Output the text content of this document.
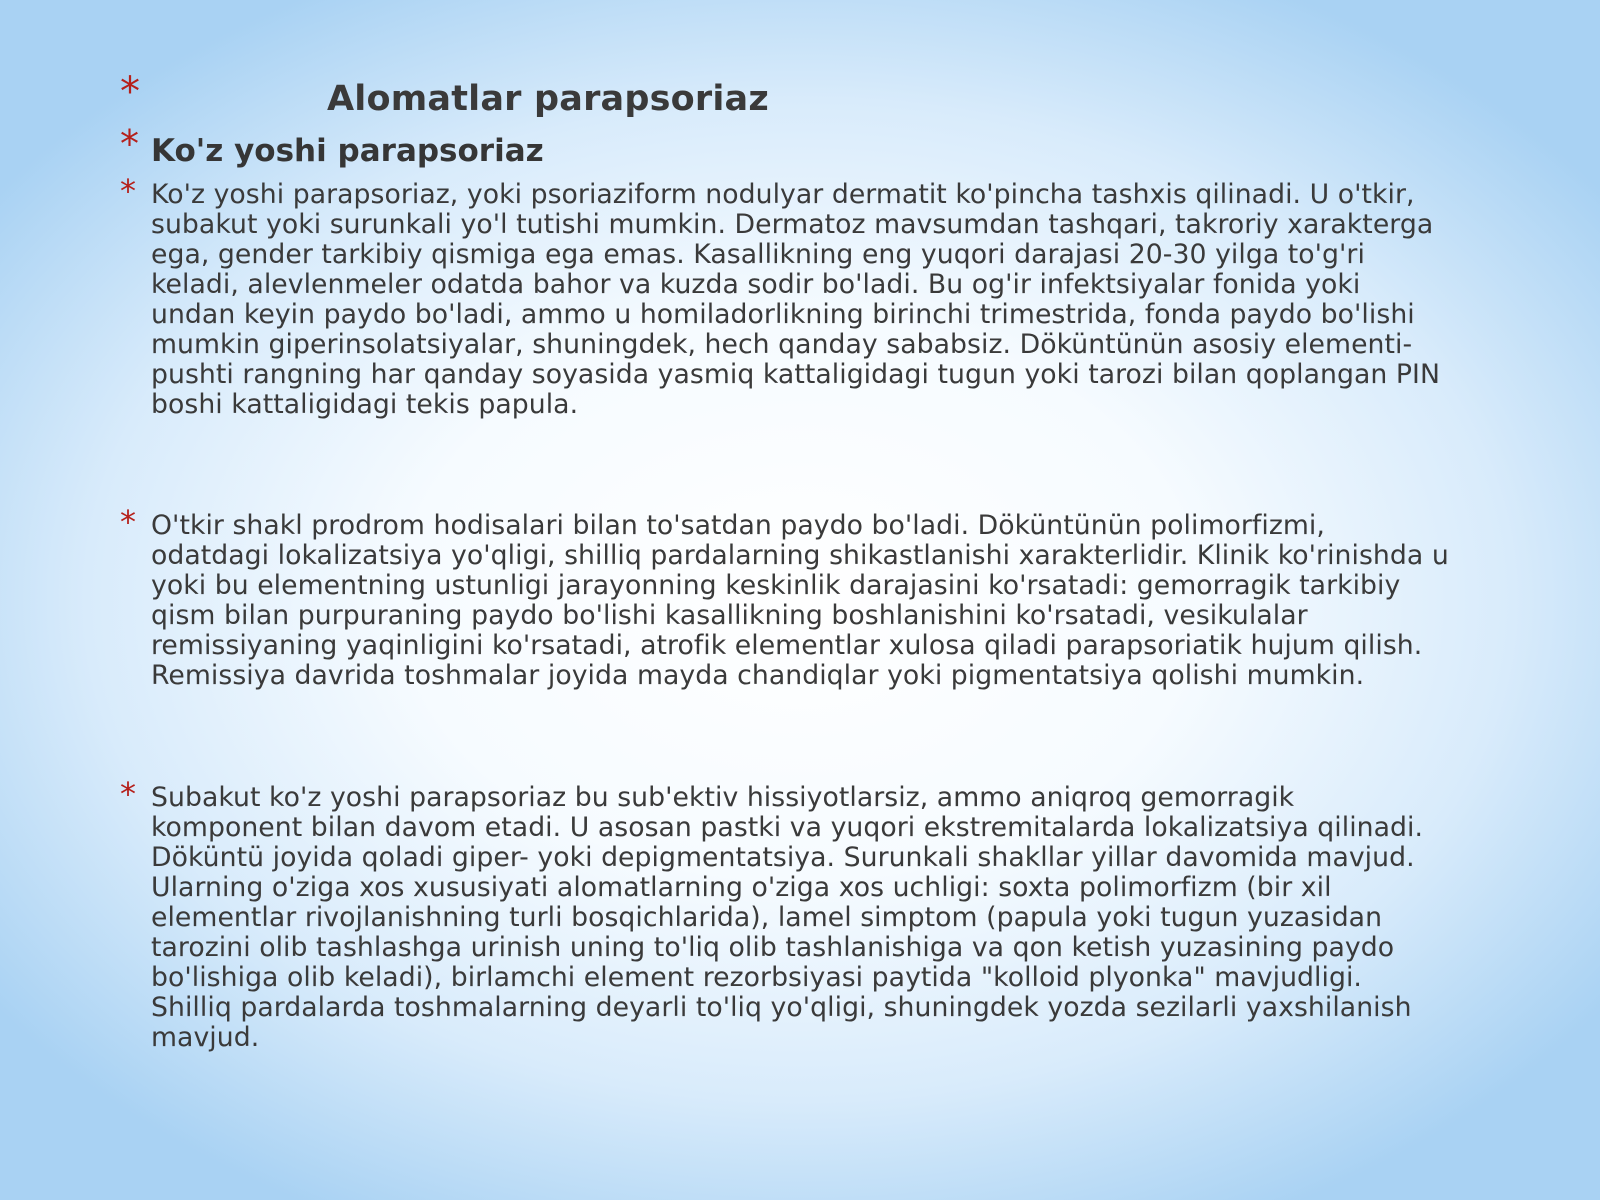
*	Alomatlar parapsoriaz
* Ko'z yoshi parapsoriaz
* Ko'z yoshi parapsoriaz, yoki psoriaziform nodulyar dermatit ko'pincha tashxis qilinadi. U o'tkir, subakut yoki surunkali yo'l tutishi mumkin. Dermatoz mavsumdan tashqari, takroriy xarakterga ega, gender tarkibiy qismiga ega emas. Kasallikning eng yuqori darajasi 20-30 yilga to'g'ri keladi, alevlenmeler odatda bahor va kuzda sodir bo'ladi. Bu og'ir infektsiyalar fonida yoki undan keyin paydo bo'ladi, ammo u homiladorlikning birinchi trimestrida, fonda paydo bo'lishi mumkin giperinsolatsiyalar, shuningdek, hech qanday sababsiz. Döküntünün asosiy elementi-pushti rangning har qanday soyasida yasmiq kattaligidagi tugun yoki tarozi bilan qoplangan PIN boshi kattaligidagi tekis papula.
* O'tkir shakl prodrom hodisalari bilan to'satdan paydo bo'ladi. Döküntünün polimorfizmi, odatdagi lokalizatsiya yo'qligi, shilliq pardalarning shikastlanishi xarakterlidir. Klinik ko'rinishda u yoki bu elementning ustunligi jarayonning keskinlik darajasini ko'rsatadi: gemorragik tarkibiy qism bilan purpuraning paydo bo'lishi kasallikning boshlanishini ko'rsatadi, vesikulalar remissiyaning yaqinligini ko'rsatadi, atrofik elementlar xulosa qiladi parapsoriatik hujum qilish. Remissiya davrida toshmalar joyida mayda chandiqlar yoki pigmentatsiya qolishi mumkin.
* Subakut ko'z yoshi parapsoriaz bu sub'ektiv hissiyotlarsiz, ammo aniqroq gemorragik komponent bilan davom etadi. U asosan pastki va yuqori ekstremitalarda lokalizatsiya qilinadi. Döküntü joyida qoladi giper- yoki depigmentatsiya. Surunkali shakllar yillar davomida mavjud. Ularning o'ziga xos xususiyati alomatlarning o'ziga xos uchligi: soxta polimorfizm (bir xil elementlar rivojlanishning turli bosqichlarida), lamel simptom (papula yoki tugun yuzasidan tarozini olib tashlashga urinish uning to'liq olib tashlanishiga va qon ketish yuzasining paydo bo'lishiga olib keladi), birlamchi element rezorbsiyasi paytida "kolloid plyonka" mavjudligi. Shilliq pardalarda toshmalarning deyarli to'liq yo'qligi, shuningdek yozda sezilarli yaxshilanish mavjud.
